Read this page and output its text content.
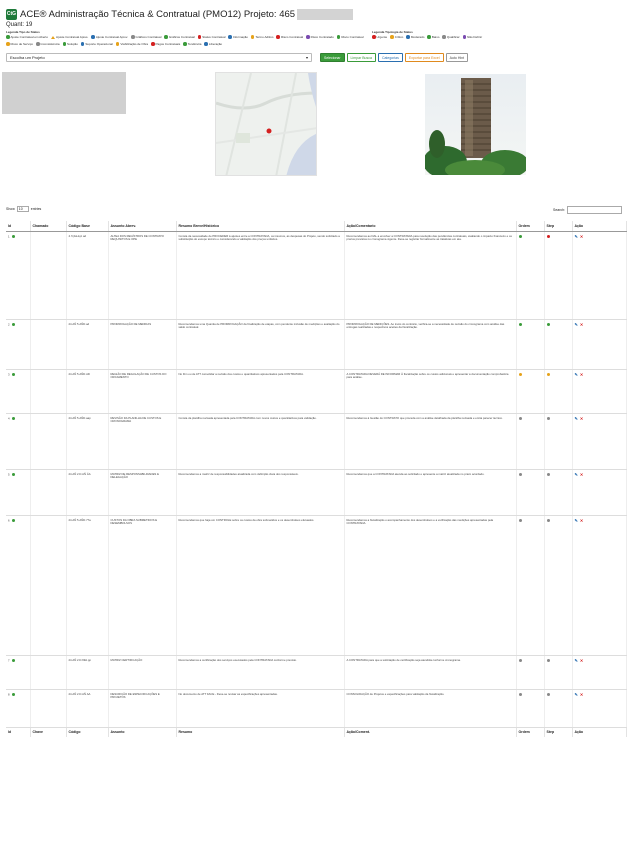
CtG ACE® Administração Técnica & Contratual (PMO12) Projeto: 465
Quant: 19
Legenda Tipo de Status
Ajuste Contratual em Aberto	Ajuste Contratual Apres.	Ajuste Contratual Aprov.	Gráficos Contratual	Gráficos Contratual	Status Contratual	Informação	Termo Aditivo	Risco Contratual	Risco Contratado	Risco Contratual
Risco de Serviço	Inconsistência	Solução	Suporte Operacional	Viabilização de Obra	Pagos Contratuais	Tendência	Liberação
Legenda Tipologia de Status
Urgente	Crítico	Moderado	Baixo	Qualificar	Não Definir
Escolha um Projeto	▾	Selecionar	Limpar Busca	Categorias	Exportar para Excel	Auto Hint
Show	10	entries	Search:
Id	Chamado	Código Base	Assunto Abrev.	Resumo Breve/Histórico	Ação/Comentario	Ordem	Step	Ação
1		4.7çôâ.êçó ad	ALTEA DOS REGÍSTROS DE CONTRATO REQUISITOS E OPE	Consta da necessidade de PROCEDER à ajustes entre a CONTRATADA, os insumos, as despesas do Projeto, sendo solicitado a substituição do escopo técnico e considerando a validação dos preços unitários.	Recomendamos ao DAL a envolver a CONTRATADA para resolução das pendências contratuais, avaliando o impacto financeiro e os prazos previstos no cronograma vigente. Deve-se registrar formalmente as tratativas em ata.			✎ ✕
2		24.AÑ 5.AÑD.ad	PRORROGAÇÃO DE MEDIDAS	Recomendamos uma Quantia de PRORROGAÇÃO da finalização de etapas, com pendente inclusão de medições e avaliação do saldo contratual.	PRORROGAÇÃO DE MEDIÇÕES. Ao invés do contrário, verifica-se a necessidade de revisão do cronograma com análise das entregas realizadas e respectivos aceites da fiscalização.			✎ ✕
3		24.AÑ 5.AÑD.AD	REGIÃO DE REGULAÇÃO DE CUSTOS DO ORCAMENTO	No Fim ou de ATT consolidar a revisão dos custos e quantitativos apresentados pela CONTRATADA.	A CONTRATADA DEVERÁ DE INFORMAR À fiscalização sobre os custos adicionais e apresentar a documentação comprobatória para análise.			✎ ✕
4		24.AÑ 5.AÑD.aap	REVISÃO DA PLANILHA DE CUSTOS E CRONOGRAMA	Consta da planilha revisada apresentada pela CONTRATADA com novos custos e quantitativos para validação.	Recomendamos à Gestão do CONTRATO que proceda com a análise detalhada da planilha revisada e emita parecer técnico.			✎ ✕
5		24.AÑ 2.D.AÑ ÁA	MATRIZ DE RESPONSABILIDADES E DELEGAÇÃO	Recomendamos a matriz de responsabilidades atualizada com definição clara dos responsáveis.	Recomendamos que a CONTRATADA atenda ao solicitado e apresente a matriz atualizada no prazo acordado.			✎ ✕
6		24.AÑ 5.AÑD.77a	CUSTOS DA OBRA SUBMETIDOS E DESEMBOLSOS	Recomendamos que haja um CONTROLE sobre os custos da obra submetidos e os desembolsos efetuados.	Recomendamos a fiscalização o acompanhamento dos desembolsos e a verificação das medições apresentadas pela CONTRATADA.			✎ ✕
7		24.AÑ 2.D.99A.pp	MATRIZ CERTIFICAÇÃO	Recomendamos a certificação dos serviços executados pela CONTRATADA conforme previsto.	A CONTRATADA para que a solicitação de certificação seja atendida conforme cronograma.			✎ ✕
8		24.AÑ 2.D.AÑ AA	DESCRIÇÃO DE ESPECIFICAÇÕES E PROJETOS	No documento de ATT FACE - Deve-se revisar as especificações apresentadas.	CONSOLIDAÇÃO de Projetos e especificações para validação da fiscalização.			✎ ✕
Id	Chave	Código	Assunto	Resumo	Ação/Coment.	Ordem	Step	Ação
